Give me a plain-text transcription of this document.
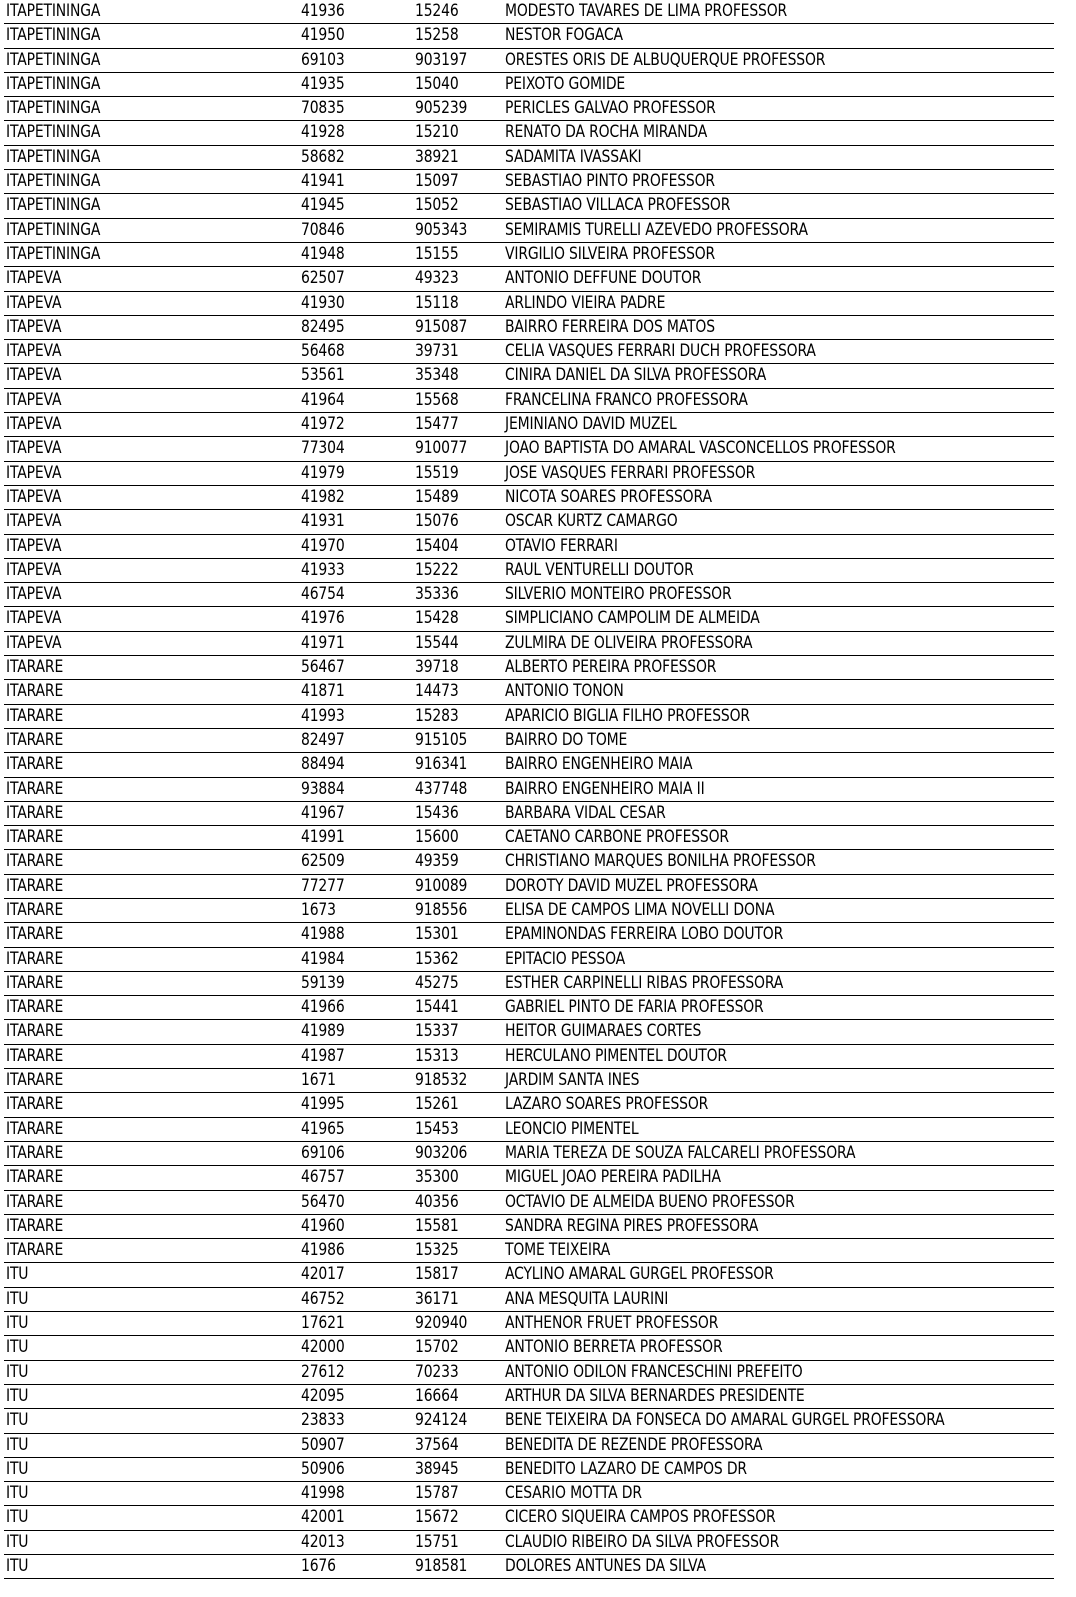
ITAPETININGA	41936	15246	MODESTO TAVARES DE LIMA PROFESSOR
ITAPETININGA	41950	15258	NESTOR FOGACA
ITAPETININGA	69103	903197 ORESTES ORIS DE ALBUQUERQUE PROFESSOR
ITAPETININGA	41935	15040	PEIXOTO GOMIDE
ITAPETININGA	70835	905239 PERICLES GALVAO PROFESSOR
ITAPETININGA	41928	15210	RENATO DA ROCHA MIRANDA
ITAPETININGA	58682	38921	SADAMITA IVASSAKI
ITAPETININGA	41941	15097	SEBASTIAO PINTO PROFESSOR
ITAPETININGA	41945	15052	SEBASTIAO VILLACA PROFESSOR
ITAPETININGA	70846	905343 SEMIRAMIS TURELLI AZEVEDO PROFESSORA
ITAPETININGA	41948	15155	VIRGILIO SILVEIRA PROFESSOR
ITAPEVA	62507	49323	ANTONIO DEFFUNE DOUTOR
ITAPEVA	41930	15118	ARLINDO VIEIRA PADRE
ITAPEVA	82495	915087 BAIRRO FERREIRA DOS MATOS
ITAPEVA	56468	39731	CELIA VASQUES FERRARI DUCH PROFESSORA
ITAPEVA	53561	35348	CINIRA DANIEL DA SILVA PROFESSORA
ITAPEVA	41964	15568	FRANCELINA FRANCO PROFESSORA
ITAPEVA	41972	15477	JEMINIANO DAVID MUZEL
ITAPEVA	77304	910077 JOAO BAPTISTA DO AMARAL VASCONCELLOS PROFESSOR
ITAPEVA	41979	15519	JOSE VASQUES FERRARI PROFESSOR
ITAPEVA	41982	15489	NICOTA SOARES PROFESSORA
ITAPEVA	41931	15076	OSCAR KURTZ CAMARGO
ITAPEVA	41970	15404	OTAVIO FERRARI
ITAPEVA	41933	15222	RAUL VENTURELLI DOUTOR
ITAPEVA	46754	35336	SILVERIO MONTEIRO PROFESSOR
ITAPEVA	41976	15428	SIMPLICIANO CAMPOLIM DE ALMEIDA
ITAPEVA	41971	15544	ZULMIRA DE OLIVEIRA PROFESSORA
ITARARE	56467	39718	ALBERTO PEREIRA PROFESSOR
ITARARE	41871	14473	ANTONIO TONON
ITARARE	41993	15283	APARICIO BIGLIA FILHO PROFESSOR
ITARARE	82497	915105 BAIRRO DO TOME
ITARARE	88494	916341 BAIRRO ENGENHEIRO MAIA
ITARARE	93884	437748 BAIRRO ENGENHEIRO MAIA II
ITARARE	41967	15436	BARBARA VIDAL CESAR
ITARARE	41991	15600	CAETANO CARBONE PROFESSOR
ITARARE	62509	49359	CHRISTIANO MARQUES BONILHA PROFESSOR
ITARARE	77277	910089 DOROTY DAVID MUZEL PROFESSORA
ITARARE	1673	918556 ELISA DE CAMPOS LIMA NOVELLI DONA
ITARARE	41988	15301	EPAMINONDAS FERREIRA LOBO DOUTOR
ITARARE	41984	15362	EPITACIO PESSOA
ITARARE	59139	45275	ESTHER CARPINELLI RIBAS PROFESSORA
ITARARE	41966	15441	GABRIEL PINTO DE FARIA PROFESSOR
ITARARE	41989	15337	HEITOR GUIMARAES CORTES
ITARARE	41987	15313	HERCULANO PIMENTEL DOUTOR
ITARARE	1671	918532 JARDIM SANTA INES
ITARARE	41995	15261	LAZARO SOARES PROFESSOR
ITARARE	41965	15453	LEONCIO PIMENTEL
ITARARE	69106	903206 MARIA TEREZA DE SOUZA FALCARELI PROFESSORA
ITARARE	46757	35300	MIGUEL JOAO PEREIRA PADILHA
ITARARE	56470	40356	OCTAVIO DE ALMEIDA BUENO PROFESSOR
ITARARE	41960	15581	SANDRA REGINA PIRES PROFESSORA
ITARARE	41986	15325	TOME TEIXEIRA
ITU	42017	15817	ACYLINO AMARAL GURGEL PROFESSOR
ITU	46752	36171	ANA MESQUITA LAURINI
ITU	17621	920940 ANTHENOR FRUET PROFESSOR
ITU	42000	15702	ANTONIO BERRETA PROFESSOR
ITU	27612	70233	ANTONIO ODILON FRANCESCHINI PREFEITO
ITU	42095	16664	ARTHUR DA SILVA BERNARDES PRESIDENTE
ITU	23833	924124 BENE TEIXEIRA DA FONSECA DO AMARAL GURGEL PROFESSORA
ITU	50907	37564	BENEDITA DE REZENDE PROFESSORA
ITU	50906	38945	BENEDITO LAZARO DE CAMPOS DR
ITU	41998	15787	CESARIO MOTTA DR
ITU	42001	15672	CICERO SIQUEIRA CAMPOS PROFESSOR
ITU	42013	15751	CLAUDIO RIBEIRO DA SILVA PROFESSOR
ITU	1676	918581 DOLORES ANTUNES DA SILVA
